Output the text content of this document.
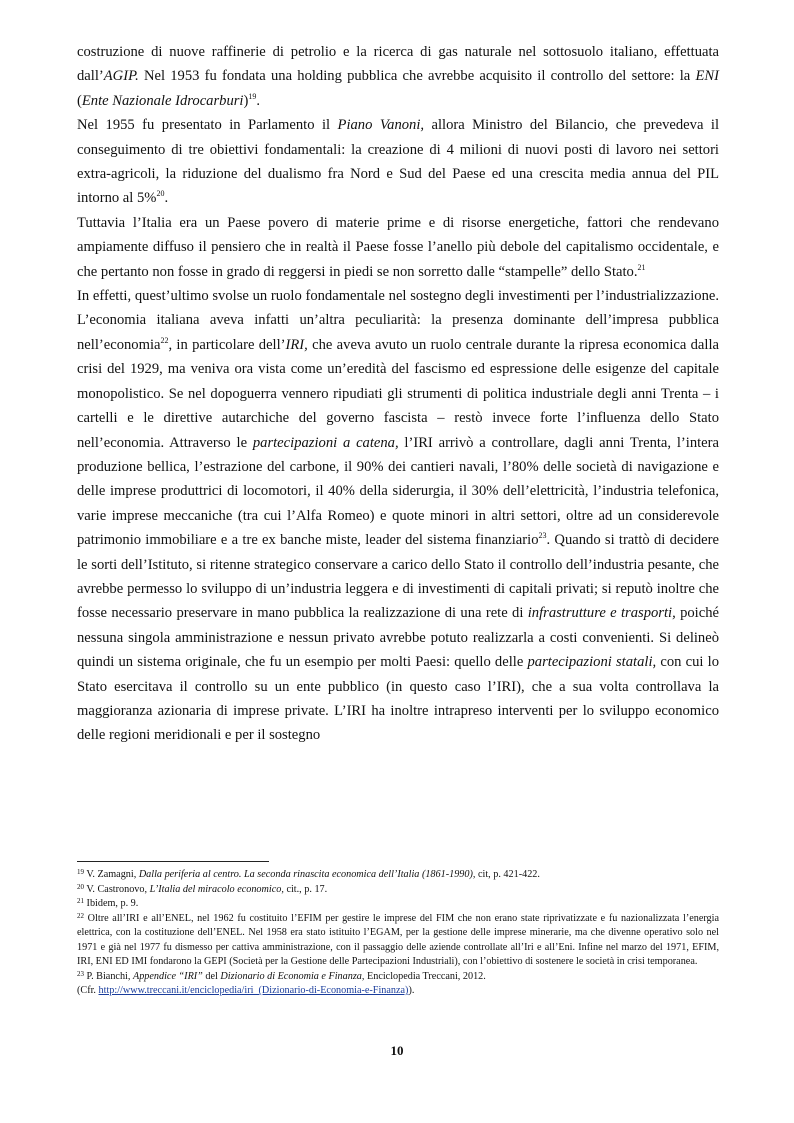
costruzione di nuove raffinerie di petrolio e la ricerca di gas naturale nel sottosuolo italiano, effettuata dall’AGIP. Nel 1953 fu fondata una holding pubblica che avrebbe acquisito il controllo del settore: la ENI (Ente Nazionale Idrocarburi)$^{19}$.

Nel 1955 fu presentato in Parlamento il Piano Vanoni, allora Ministro del Bilancio, che prevedeva il conseguimento di tre obiettivi fondamentali: la creazione di 4 milioni di nuovi posti di lavoro nei settori extra-agricoli, la riduzione del dualismo fra Nord e Sud del Paese ed una crescita media annua del PIL intorno al 5%$^{20}$.

Tuttavia l’Italia era un Paese povero di materie prime e di risorse energetiche, fattori che rendevano ampiamente diffuso il pensiero che in realtà il Paese fosse l’anello più debole del capitalismo occidentale, e che pertanto non fosse in grado di reggersi in piedi se non sorretto dalle “stampelle” dello Stato.$^{21}$

In effetti, quest’ultimo svolse un ruolo fondamentale nel sostegno degli investimenti per l’industrializzazione. L’economia italiana aveva infatti un’altra peculiarità: la presenza dominante dell’impresa pubblica nell’economia$^{22}$, in particolare dell’IRI, che aveva avuto un ruolo centrale durante la ripresa economica dalla crisi del 1929, ma veniva ora vista come un’eredità del fascismo ed espressione delle esigenze del capitale monopolistico. Se nel dopoguerra vennero ripudiati gli strumenti di politica industriale degli anni Trenta – i cartelli e le direttive autarchiche del governo fascista – restò invece forte l’influenza dello Stato nell’economia. Attraverso le partecipazioni a catena, l’IRI arrivò a controllare, dagli anni Trenta, l’intera produzione bellica, l’estrazione del carbone, il 90% dei cantieri navali, l’80% delle società di navigazione e delle imprese produttrici di locomotori, il 40% della siderurgia, il 30% dell’elettricità, l’industria telefonica, varie imprese meccaniche (tra cui l’Alfa Romeo) e quote minori in altri settori, oltre ad un considerevole patrimonio immobiliare e a tre ex banche miste, leader del sistema finanziario$^{23}$. Quando si trattò di decidere le sorti dell’Istituto, si ritenne strategico conservare a carico dello Stato il controllo dell’industria pesante, che avrebbe permesso lo sviluppo di un’industria leggera e di investimenti di capitali privati; si reputò inoltre che fosse necessario preservare in mano pubblica la realizzazione di una rete di infrastrutture e trasporti, poiché nessuna singola amministrazione e nessun privato avrebbe potuto realizzarla a costi convenienti. Si delineò quindi un sistema originale, che fu un esempio per molti Paesi: quello delle partecipazioni statali, con cui lo Stato esercitava il controllo su un ente pubblico (in questo caso l’IRI), che a sua volta controllava la maggioranza azionaria di imprese private. L’IRI ha inoltre intrapreso interventi per lo sviluppo economico delle regioni meridionali e per il sostegno

$^{19}$ V. Zamagni, Dalla periferia al centro. La seconda rinascita economica dell’Italia (1861-1990), cit, p. 421-422.
$^{20}$ V. Castronovo, L’Italia del miracolo economico, cit., p. 17.
$^{21}$ Ibidem, p. 9.
$^{22}$ Oltre all’IRI e all’ENEL, nel 1962 fu costituito l’EFIM per gestire le imprese del FIM che non erano state riprivatizzate e fu nazionalizzata l’energia elettrica, con la costituzione dell’ENEL. Nel 1958 era stato istituito l’EGAM, per la gestione delle imprese minerarie, ma che divenne operativo solo nel 1971 e già nel 1977 fu dismesso per cattiva amministrazione, con il passaggio delle aziende controllate all’Iri e all’Eni. Infine nel marzo del 1971, EFIM, IRI, ENI ED IMI fondarono la GEPI (Società per la Gestione delle Partecipazioni Industriali), con l’obiettivo di sostenere le società in crisi temporanea.
$^{23}$ P. Bianchi, Appendice “IRI” del Dizionario di Economia e Finanza, Enciclopedia Treccani, 2012.
(Cfr. http://www.treccani.it/enciclopedia/iri_(Dizionario-di-Economia-e-Finanza)).
10
